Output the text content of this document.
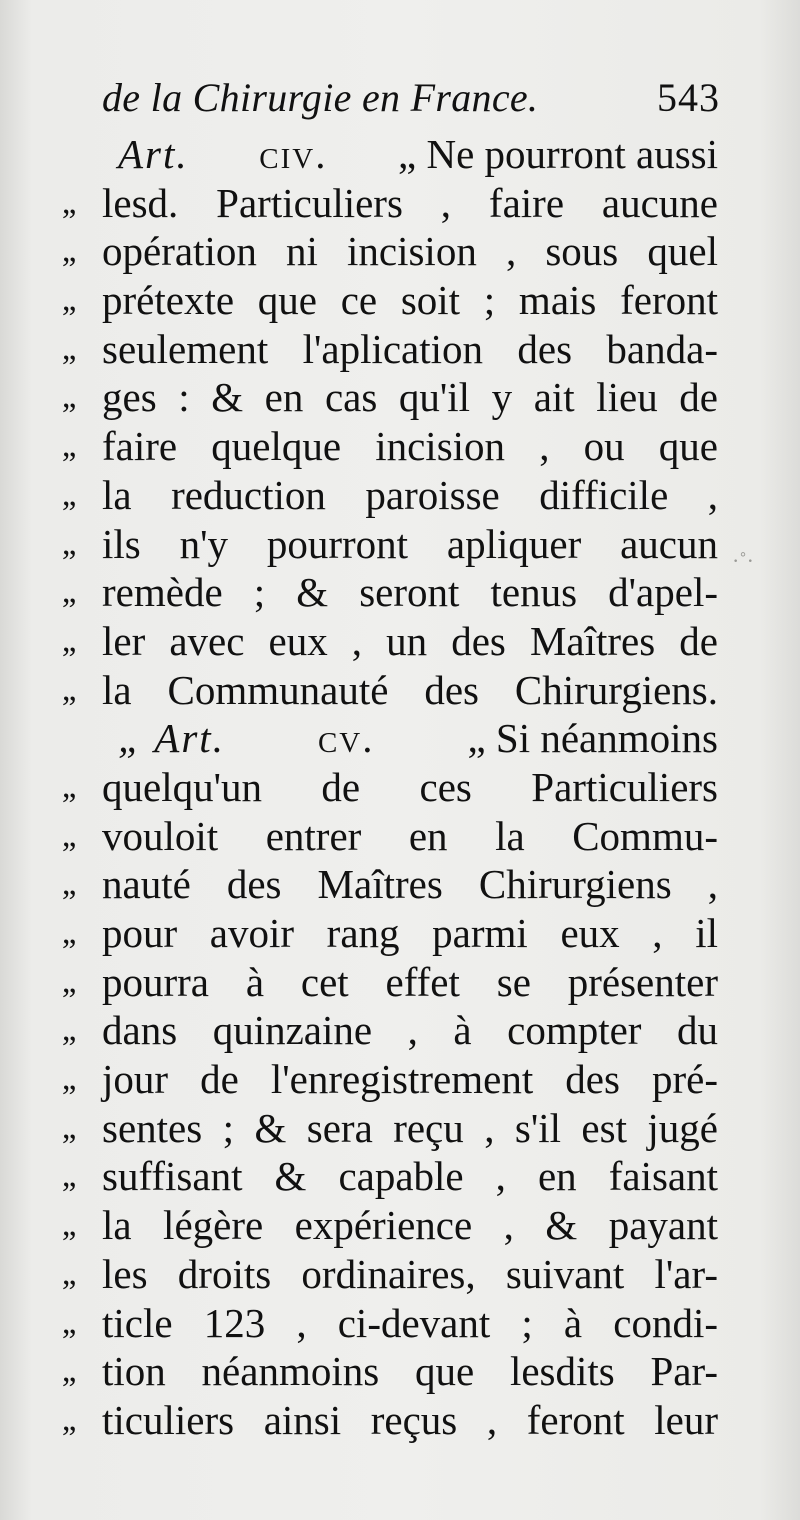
de la Chirurgie en France.	543
Art. civ. „ Ne pourront aussi
,, lesd. Particuliers , faire aucune
,, opération ni incision , sous quel
,, prétexte que ce soit ; mais feront
,, seulement l'aplication des banda-
,, ges : & en cas qu'il y ait lieu de
,, faire quelque incision , ou que
,, la reduction paroisse difficile ,
,, ils n'y pourront apliquer aucun
,, remède ; & seront tenus d'apel-
,, ler avec eux , un des Maîtres de
,, la Communauté des Chirurgiens.
„ Art. cv. „ Si néanmoins
,, quelqu'un de ces Particuliers
,, vouloit entrer en la Commu-
,, nauté des Maîtres Chirurgiens ,
,, pour avoir rang parmi eux , il
,, pourra à cet effet se présenter
,, dans quinzaine , à compter du
,, jour de l'enregistrement des pré-
,, sentes ; & sera reçu , s'il est jugé
,, suffisant & capable , en faisant
,, la légère expérience , & payant
,, les droits ordinaires, suivant l'ar-
,, ticle 123 , ci-devant ; à condi-
,, tion néanmoins que lesdits Par-
,, ticuliers ainsi reçus , feront leur
·˚·
